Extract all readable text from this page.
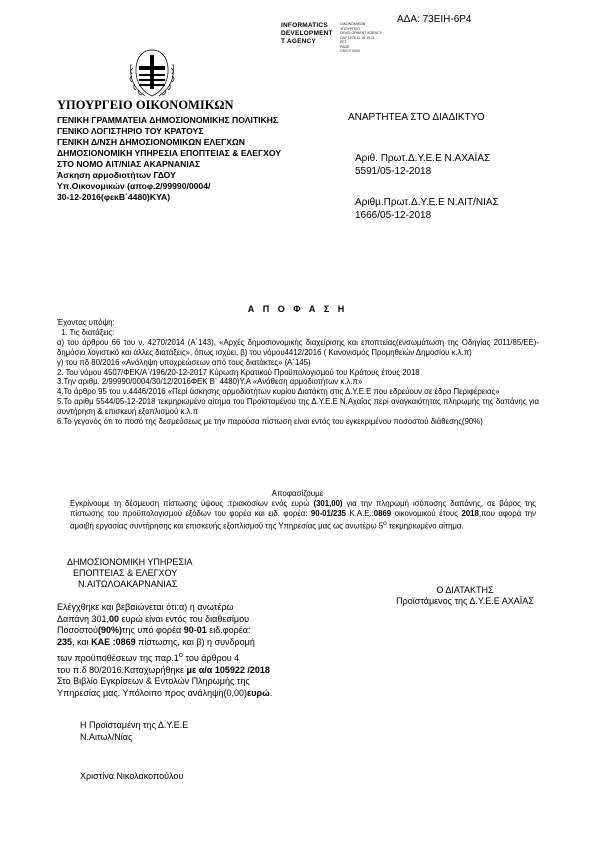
ΑΔΑ: 73ΕΙΗ-6Ρ4
INFORMATICS
DEVELOPMENT
T AGENCY
ΟΙΚΟΝΟΜΙΚΩΝ
ΥΠΟΥΡΓΕΙΟ
DEVELOPMENT AGENCY
DAY 1978.11.15 15:11
EET
PAGE
GR/CY 0000
ΥΠΟΥΡΓΕΙΟ ΟΙΚΟΝΟΜΙΚΩΝ
ΓΕΝΙΚΗ ΓΡΑΜΜΑΤΕΙΑ ΔΗΜΟΣΙΟΝΟΜΙΚΗΣ ΠΟΛΙΤΙΚΗΣ
ΓΕΝΙΚΟ ΛΟΓΙΣΤΗΡΙΟ ΤΟΥ ΚΡΑΤΟΥΣ
ΓΕΝΙΚΗ Δ/ΝΣΗ ΔΗΜΟΣΙΟΝΟΜΙΚΩΝ ΕΛΕΓΧΩΝ
ΔΗΜΟΣΙΟΝΟΜΙΚΗ ΥΠΗΡΕΣΙΑ ΕΠΟΠΤΕΙΑΣ & ΕΛΕΓΧΟΥ
ΣΤΟ ΝΟΜΟ ΑΙΤ/ΝΙΑΣ ΑΚΑΡΝΑΝΙΑΣ
Άσκηση αρμοδιοτήτων ΓΔΟΥ
Υπ.Οικονομικών (αποφ.2/99990/0004/
30-12-2016(φεκΒ΄4480)ΚΥΑ)
ΑΝΑΡΤΗΤΕΑ ΣΤΟ ΔΙΑΔΙΚΤΥΟ
Αριθ. Πρωτ.Δ.Υ.Ε.Ε Ν.ΑΧΑΪΑΣ
5591/05-12-2018
Αριθμ.Πρωτ.Δ.Υ.Ε.Ε Ν.ΑΙΤ/ΝΙΑΣ
1666/05-12-2018
Α Π Ο Φ Α Σ Η

Έχοντας υπόψη:

1. Τις διατάξεις:

α) του άρθρου 66 του ν. 4270/2014 (Α΄143), «Αρχές δημοσιονομικής διαχείρισης και εποπτείας(ενσωμάτωση της Οδηγίας 2011/85/ΕΕ)-δημόσιο λογιστικό και άλλες διατάξεις», όπως ισχύει, β) του νόμου4412/2016 ( Κανονισμός Προμηθειών Δημοσίου κ.λ.π)

γ) του πδ 80/2016 «Ανάληψη υποχρεώσεων από τους διατάκτες» (Α΄145)

2. Του νόμου 4507/ΦΕΚ/Α΄/196/20-12-2017 Κύρωση Κρατικού Προϋπολογισμού του Κράτους έτους 2018

3.Την αριθμ. 2/99990/0004/30/12/2016ΦΕΚ Β΄ 4480)Υ.Α «Ανάθεση αρμοδιοτήτων κ.λ.π»

4.Το άρθρο 95 του ν.4446/2016 «Περί άσκησης αρμοδιοτήτων κυρίου Διατάκτη στις Δ.Υ.Ε.Ε που εδρεύουν σε έδρα Περιφέρειας»

5.Το αριθμ 5544/05-12-2018 τεκμηριωμένο αίτημα του Προϊσταμένου της Δ.Υ.Ε.Ε Ν.Αχαΐας περί αναγκαιότητας πληρωμής της δαπάνης για συντήρηση & επισκευή εξοπλισμού κ.λ.π

6.Το γεγονός ότι το ποσό της δεσμεύσεως με την παρούσα πίστωση είναι εντός του εγκεκριμένου ποσοστού διάθεσης(90%)

Αποφασίζουμε
Εγκρίνουμε τη δέσμευση πίστωσης ύψους :τριακοσίων ενός ευρώ (301,00) για την πληρωμή ισόποσης δαπάνης, σε βάρος της πίστωσης του προϋπολογισμού εξόδων του φορέα και ειδ. φορέα: 90-01/235 Κ.Α.Ε.:0869 οικονομικού έτους 2018,που αφορά την αμοιβή εργασίας συντήρησης και επισκευής εξοπλισμού της Υπηρεσίας μας ως ανωτέρω $5^o$ τεκμηριωμένο αίτημα.
ΔΗΜΟΣΙΟΝΟΜΙΚΗ ΥΠΗΡΕΣΙΑ
ΕΠΟΠΤΕΙΑΣ & ΕΛΕΓΧΟΥ
Ν.ΑΙΤΩΛΟΑΚΑΡΝΑΝΙΑΣ
Ο ΔΙΑΤΑΚΤΗΣ
Προϊστάμενος της Δ.Υ.Ε.Ε ΑΧΑΪΑΣ
Ελέγχθηκε και βεβαιώνεται ότι:α) η ανωτέρω
Δαπάνη 301,00 ευρώ είναι εντός του διαθεσίμου
Ποσοστού(90%)της υπό φορέα 90-01 ειδ.φορέα:
235, και ΚΑΕ :0869 πίστωσης, και β) η συνδρομή
των προϋποθέσεων της $\pi\alpha\rho.1^o$ του άρθρου 4
του π.δ 80/2016.Καταχωρήθηκε με α/α 105922 /2018
Στο Βιβλίο Εγκρίσεων & Εντολών Πληρωμής της
Υπηρεσίας μας. Υπόλοιπο προς ανάληψη(0,00)ευρώ.
Η Προϊσταμένη της Δ.Υ.Ε.Ε
Ν.Αιτωλ/Νίας
Χριστίνα Νικολακοπούλου
